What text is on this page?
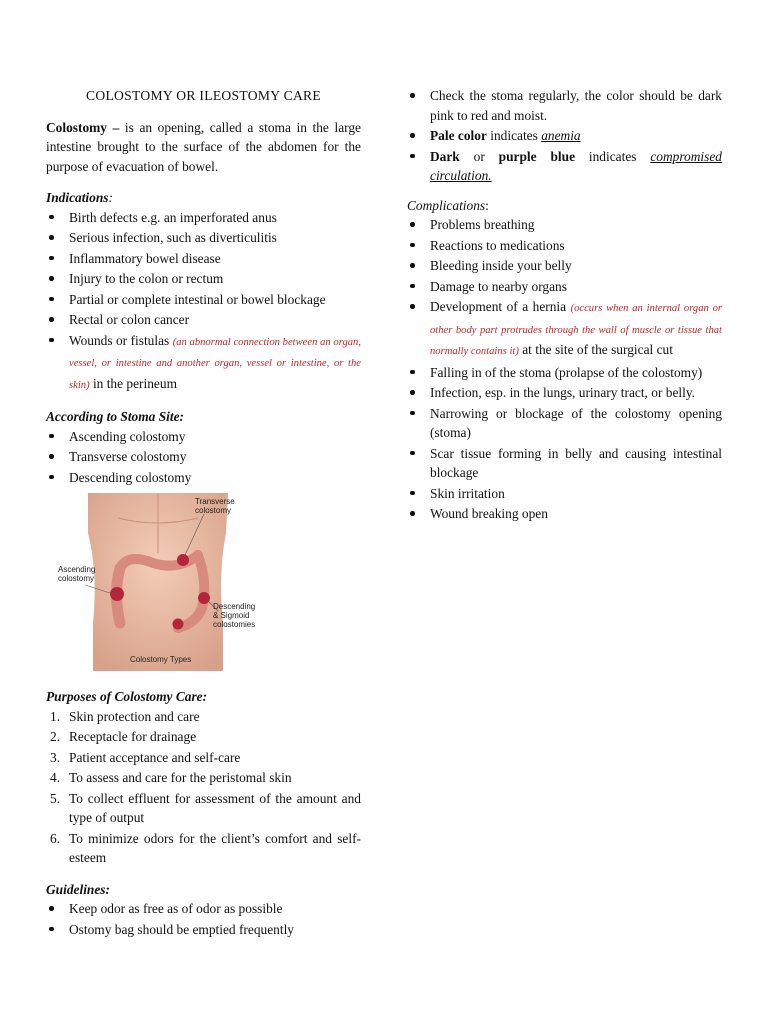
COLOSTOMY OR ILEOSTOMY CARE

Colostomy – is an opening, called a stoma in the large intestine brought to the surface of the abdomen for the purpose of evacuation of bowel.

Indications:

Birth defects e.g. an imperforated anus
Serious infection, such as diverticulitis
Inflammatory bowel disease
Injury to the colon or rectum
Partial or complete intestinal or bowel blockage
Rectal or colon cancer
Wounds or fistulas (an abnormal connection between an organ, vessel, or intestine and another organ, vessel or intestine, or the skin) in the perineum

According to Stoma Site:

Ascending colostomy
Transverse colostomy
Descending colostomy
Transverse
colostomy
Ascending
colostomy
Descending
& Sigmoid
colostomies
Colostomy Types

Purposes of Colostomy Care:

1. Skin protection and care
2. Receptacle for drainage
3. Patient acceptance and self-care
4. To assess and care for the peristomal skin
5. To collect effluent for assessment of the amount and type of output
6. To minimize odors for the client’s comfort and self-esteem

Guidelines:

Keep odor as free as of odor as possible
Ostomy bag should be emptied frequently
Check the stoma regularly, the color should be dark pink to red and moist.
Pale color indicates anemia
Dark or purple blue indicates compromised circulation.

Complications:

Problems breathing
Reactions to medications
Bleeding inside your belly
Damage to nearby organs
Development of a hernia (occurs when an internal organ or other body part protrudes through the wall of muscle or tissue that normally contains it) at the site of the surgical cut
Falling in of the stoma (prolapse of the colostomy)
Infection, esp. in the lungs, urinary tract, or belly.
Narrowing or blockage of the colostomy opening (stoma)
Scar tissue forming in belly and causing intestinal blockage
Skin irritation
Wound breaking open
